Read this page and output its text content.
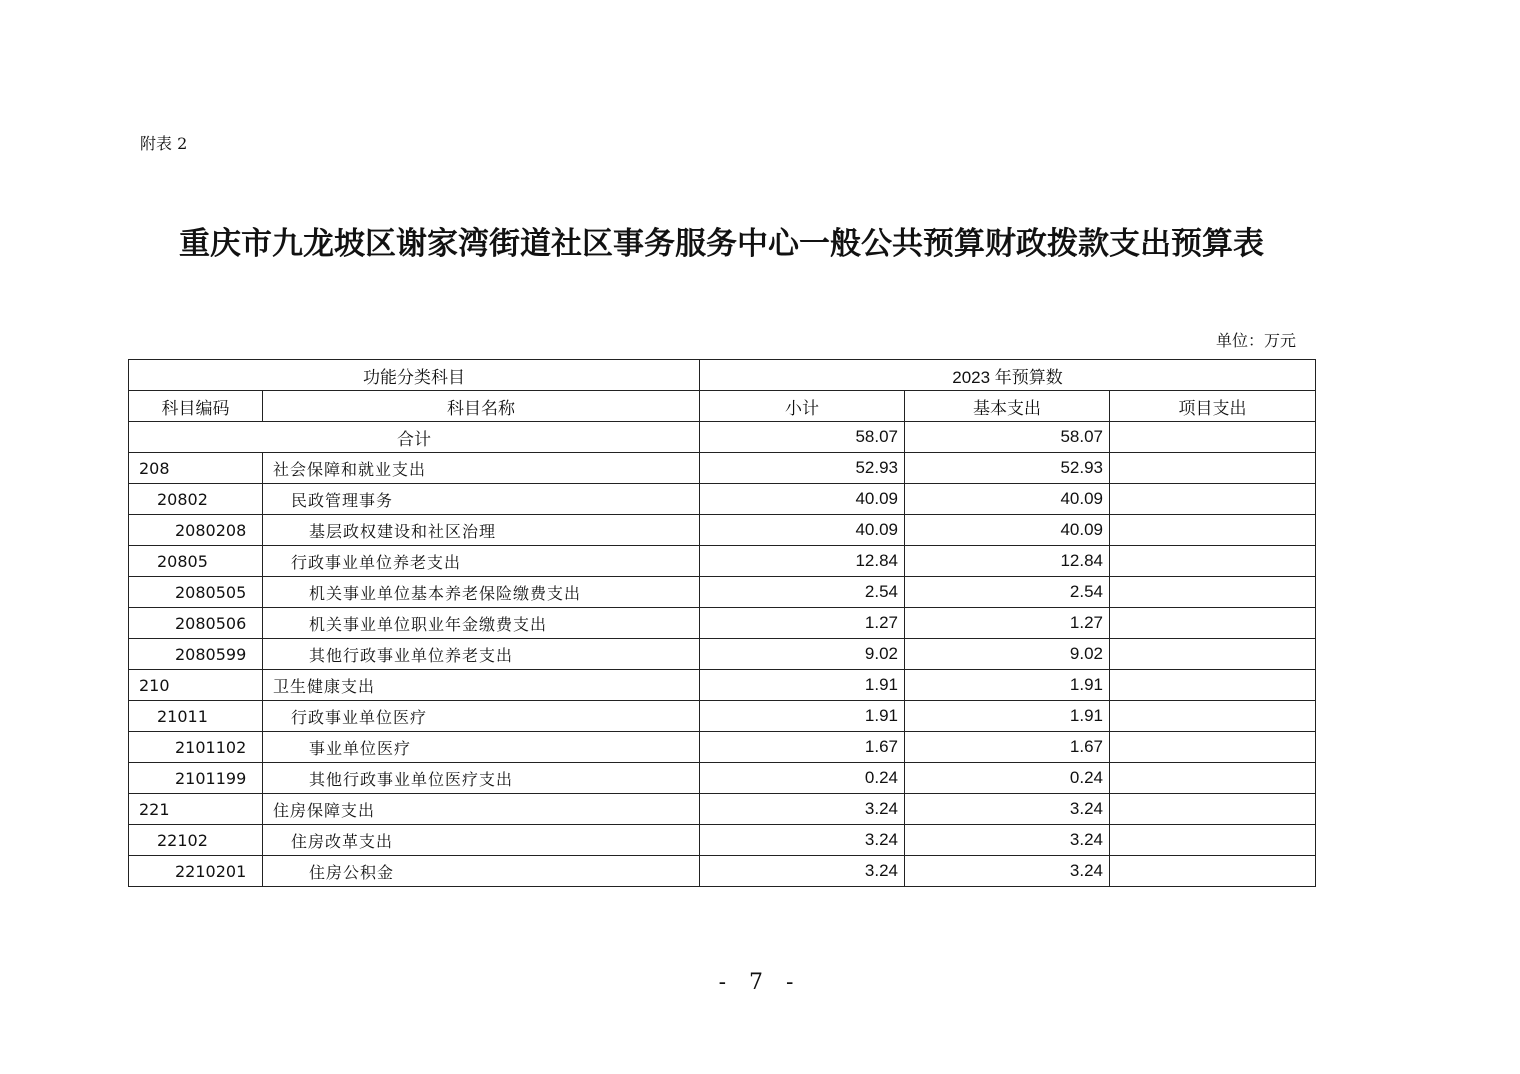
附表 2
重庆市九龙坡区谢家湾街道社区事务服务中心一般公共预算财政拨款支出预算表
单位：万元
功能分类科目		2023 年预算数		
科目编码	科目名称	小计	基本支出	项目支出
合计		58.07	58.07	
208	社会保障和就业支出	52.93	52.93	
20802	民政管理事务	40.09	40.09	
2080208	基层政权建设和社区治理	40.09	40.09	
20805	行政事业单位养老支出	12.84	12.84	
2080505	机关事业单位基本养老保险缴费支出	2.54	2.54	
2080506	机关事业单位职业年金缴费支出	1.27	1.27	
2080599	其他行政事业单位养老支出	9.02	9.02	
210	卫生健康支出	1.91	1.91	
21011	行政事业单位医疗	1.91	1.91	
2101102	事业单位医疗	1.67	1.67	
2101199	其他行政事业单位医疗支出	0.24	0.24	
221	住房保障支出	3.24	3.24	
22102	住房改革支出	3.24	3.24	
2210201	住房公积金	3.24	3.24	
- 7 -
